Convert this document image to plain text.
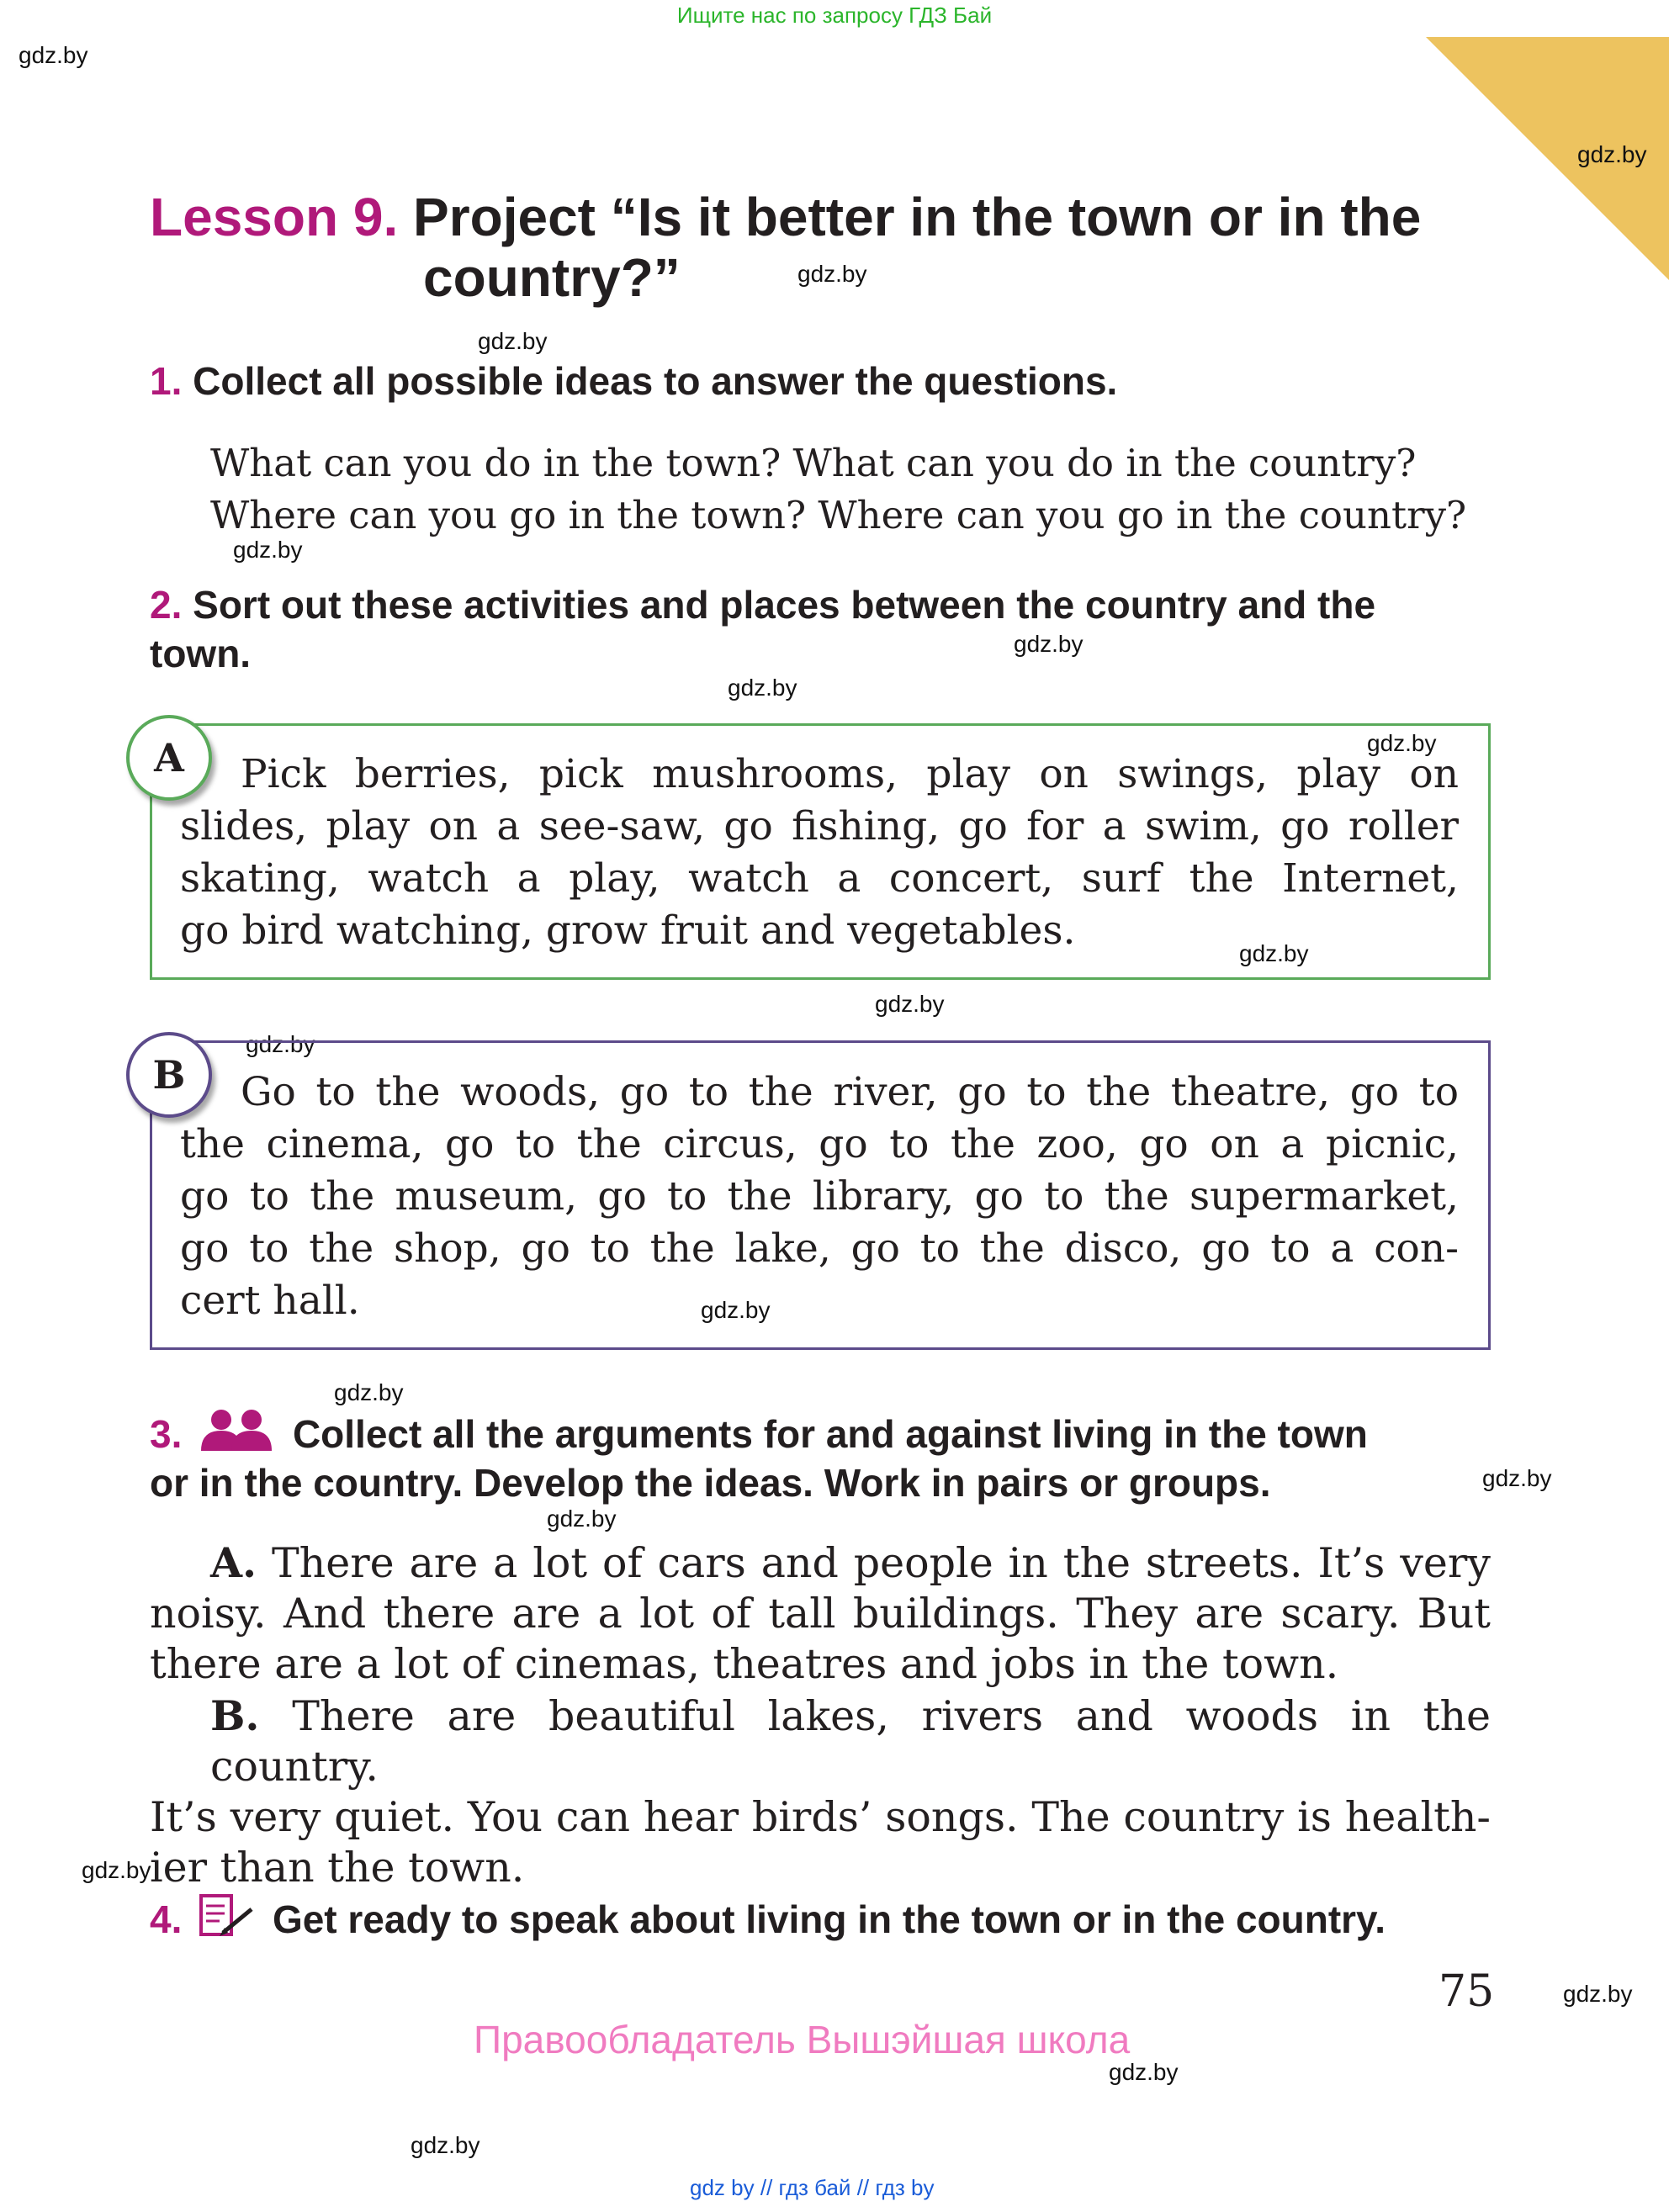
Ищите нас по запросу ГДЗ Бай
gdz.by
gdz.by
gdz.by
gdz.by
gdz.by
gdz.by
gdz.by
gdz.by
gdz.by
gdz.by
gdz.by
gdz.by
gdz.by
gdz.by
gdz.by
gdz.by
gdz.by
gdz.by
gdz.by
Lesson 9. Project “Is it better in the town or in the
country?”
1. Collect all possible ideas to answer the questions.
What can you do in the town? What can you do in the country?
Where can you go in the town? Where can you go in the country?
2. Sort out these activities and places between the country and the
town.
A	Pick berries, pick mushrooms, play on swings, play on
slides, play on a see-saw, go fishing, go for a swim, go roller
skating, watch a play, watch a concert, surf the Internet,
go bird watching, grow fruit and vegetables.
B	Go to the woods, go to the river, go to the theatre, go to
the cinema, go to the circus, go to the zoo, go on a picnic,
go to the museum, go to the library, go to the supermarket,
go to the shop, go to the lake, go to the disco, go to a con-
cert hall.
3.	Collect all the arguments for and against living in the town
or in the country. Develop the ideas. Work in pairs or groups.
A. There are a lot of cars and people in the streets. It’s very
noisy. And there are a lot of tall buildings. They are scary. But
there are a lot of cinemas, theatres and jobs in the town.
B. There are beautiful lakes, rivers and woods in the country.
It’s very quiet. You can hear birds’ songs. The country is health-
ier than the town.
4. Get ready to speak about living in the town or in the country.
75
Правообладатель Вышэйшая школа
gdz by // гдз бай // гдз by
